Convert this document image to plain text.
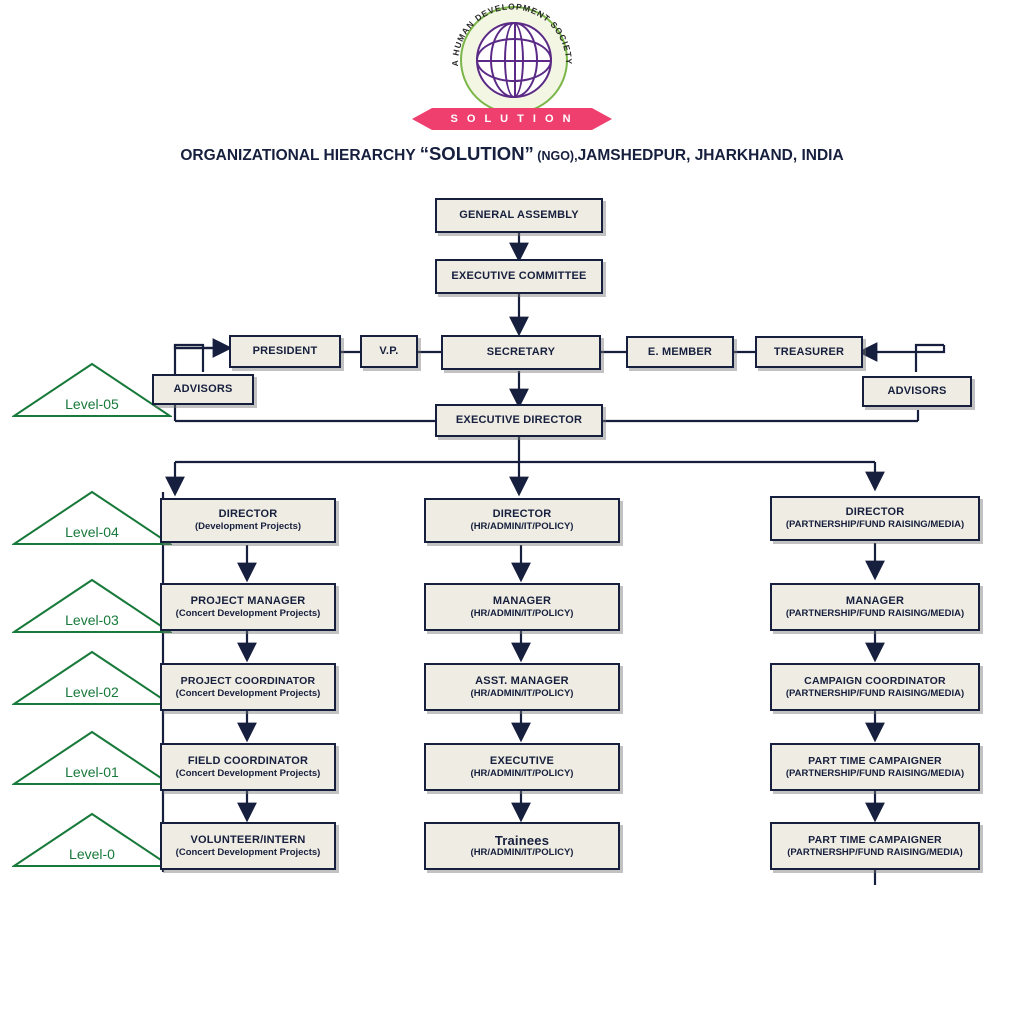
A HUMAN DEVELOPMENT SOCIETY
S O L U T I O N
ORGANIZATIONAL HIERARCHY “SOLUTION” (NGO),JAMSHEDPUR, JHARKHAND, INDIA
Level-05
Level-04
Level-03
Level-02
Level-01
Level-0
GENERAL ASSEMBLY
EXECUTIVE COMMITTEE
PRESIDENT	V.P.	SECRETARY	E. MEMBER	TREASURER
ADVISORS	ADVISORS
EXECUTIVE DIRECTOR
DIRECTOR
(Development Projects)
DIRECTOR
(HR/ADMIN/IT/POLICY)
DIRECTOR
(PARTNERSHIP/FUND RAISING/MEDIA)
PROJECT MANAGER
(Concert Development Projects)
MANAGER
(HR/ADMIN/IT/POLICY)
MANAGER
(PARTNERSHIP/FUND RAISING/MEDIA)
PROJECT COORDINATOR
(Concert Development Projects)
ASST. MANAGER
(HR/ADMIN/IT/POLICY)
CAMPAIGN COORDINATOR
(PARTNERSHIP/FUND RAISING/MEDIA)
FIELD COORDINATOR
(Concert Development Projects)
EXECUTIVE
(HR/ADMIN/IT/POLICY)
PART TIME CAMPAIGNER
(PARTNERSHIP/FUND RAISING/MEDIA)
VOLUNTEER/INTERN
(Concert Development Projects)
Trainees
(HR/ADMIN/IT/POLICY)
PART TIME CAMPAIGNER
(PARTNERSHP/FUND RAISING/MEDIA)
